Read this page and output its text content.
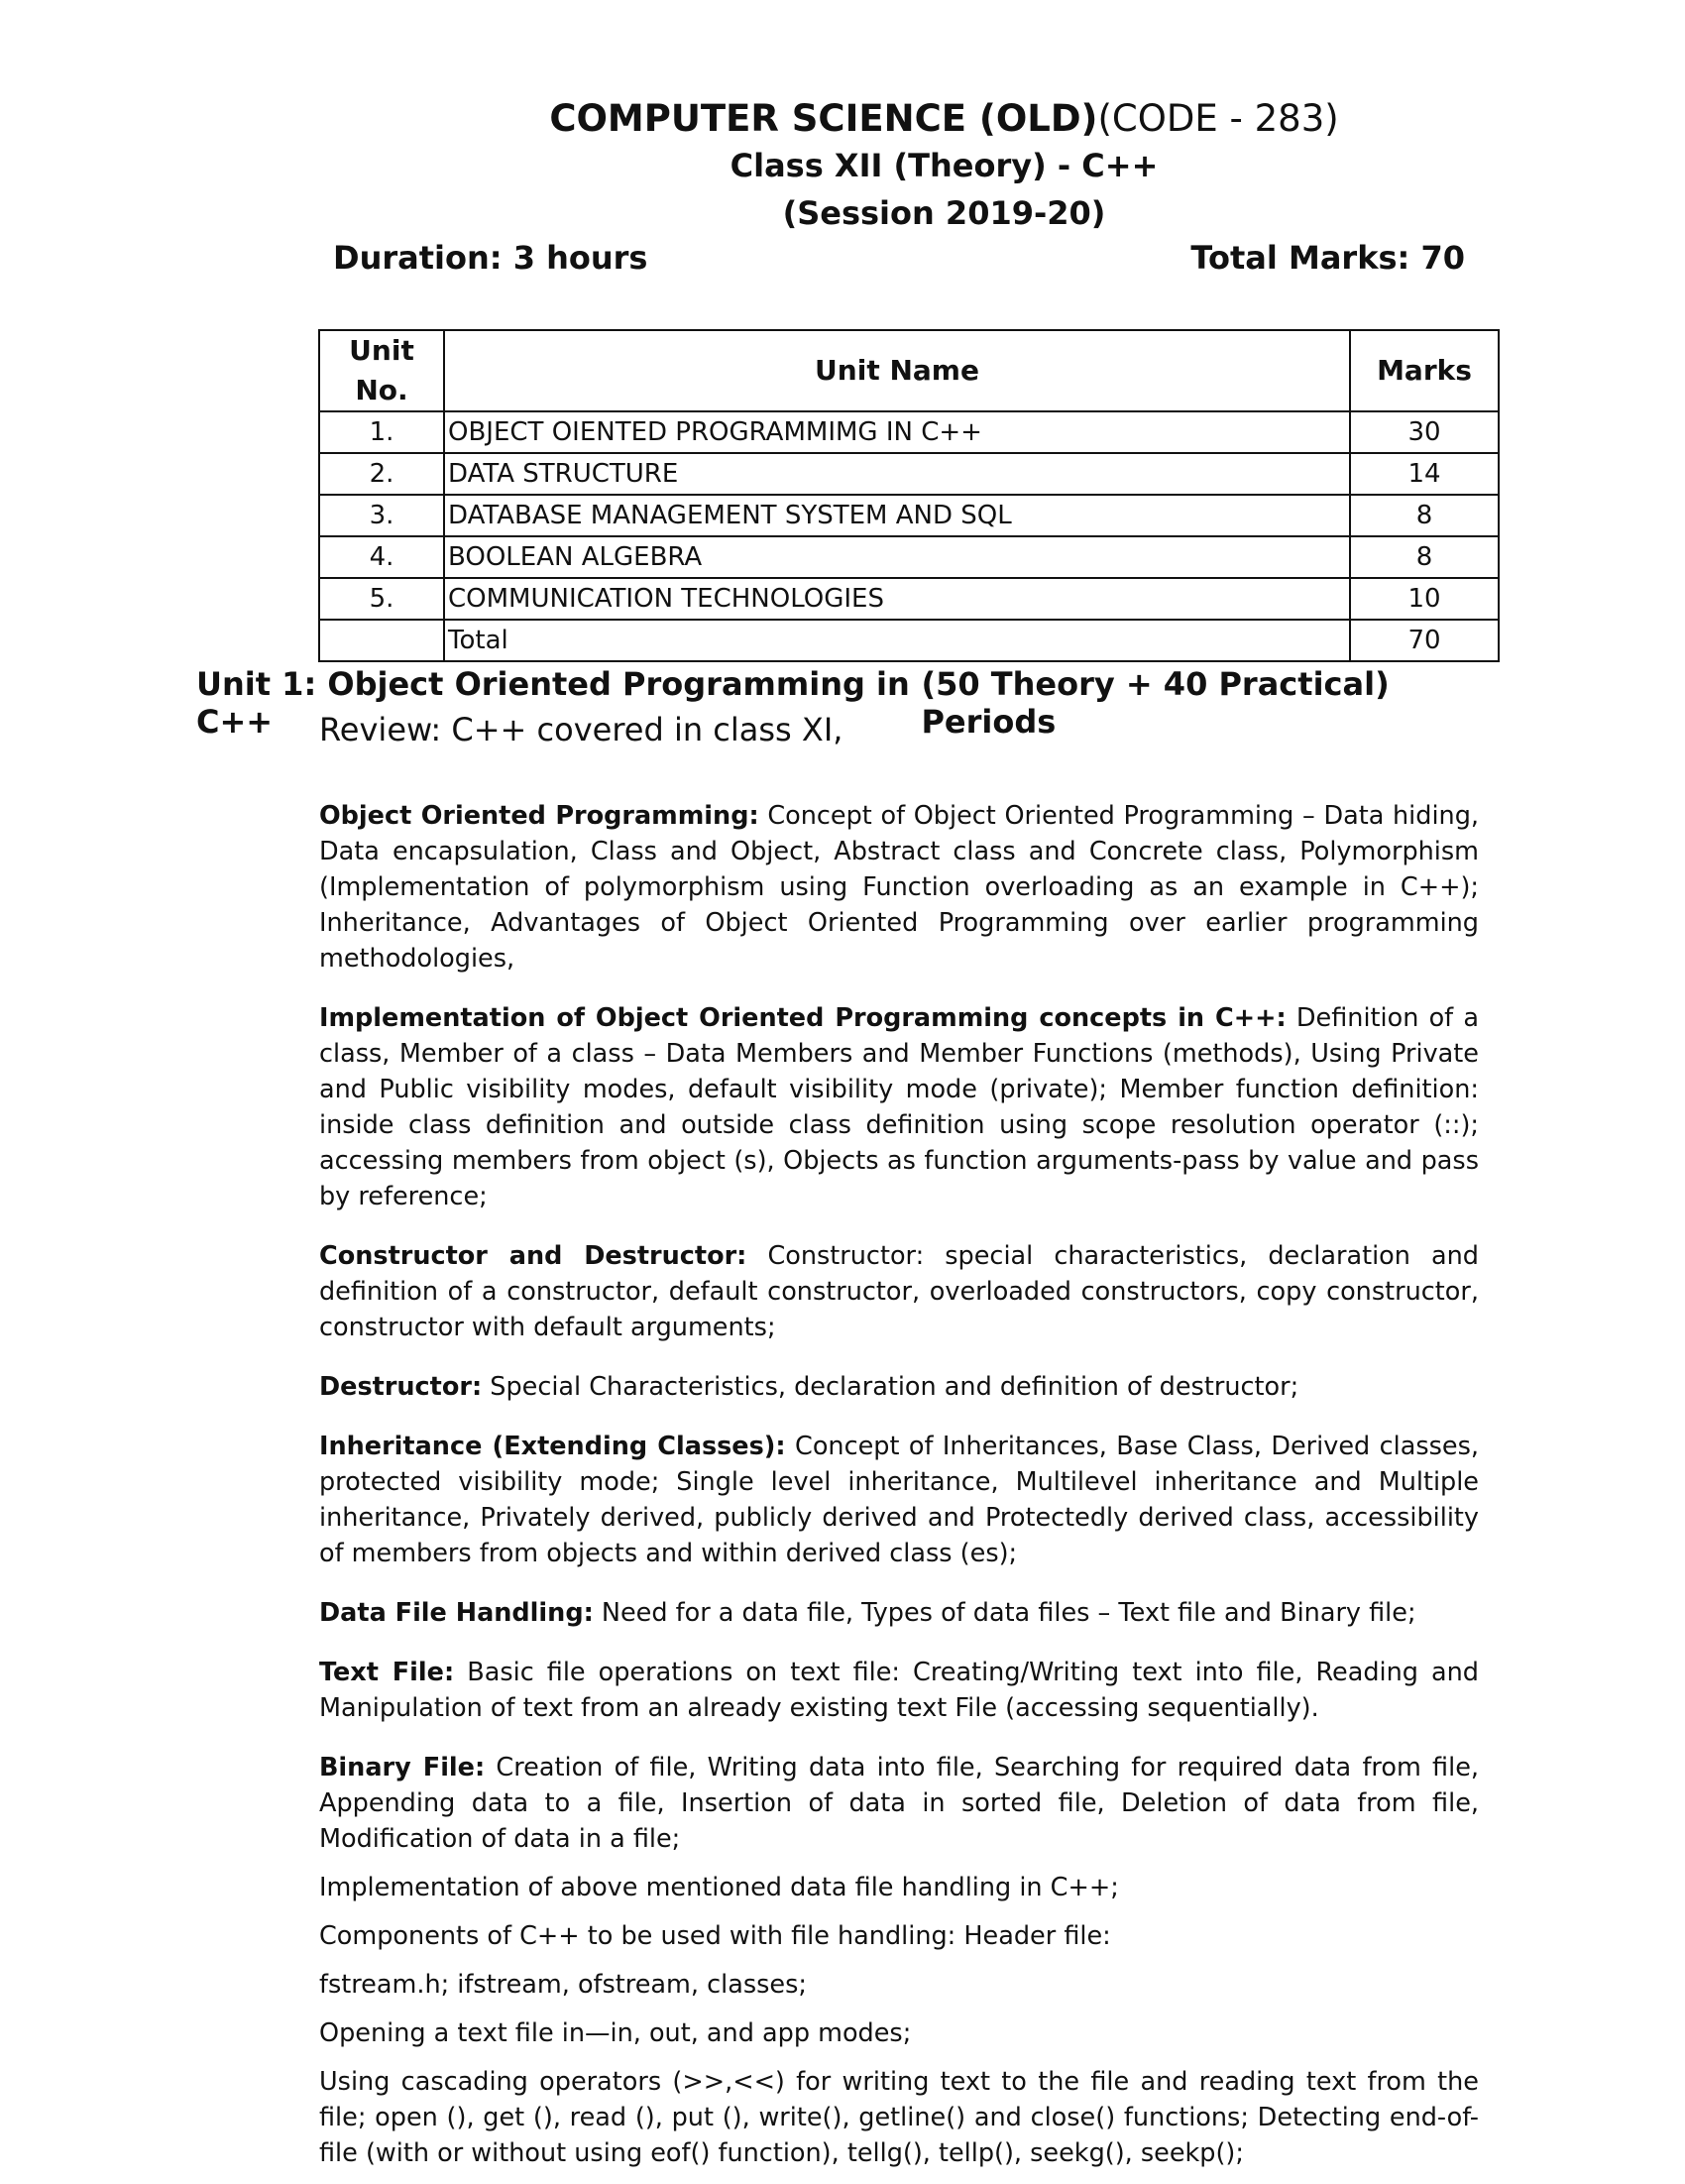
COMPUTER SCIENCE (OLD)(CODE - 283)
Class XII (Theory) - C++
(Session 2019-20)
Duration: 3 hours	Total Marks: 70
Unit No.	Unit Name	Marks
1.	OBJECT OIENTED PROGRAMMIMG IN C++	30
2.	DATA STRUCTURE	14
3.	DATABASE MANAGEMENT SYSTEM AND SQL	8
4.	BOOLEAN ALGEBRA	8
5.	COMMUNICATION TECHNOLOGIES	10
	Total	70
Unit 1: Object Oriented Programming in C++
(50 Theory + 40 Practical) Periods
Review: C++ covered in class XI,

Object Oriented Programming: Concept of Object Oriented Programming – Data hiding, Data encapsulation, Class and Object, Abstract class and Concrete class, Polymorphism (Implementation of polymorphism using Function overloading as an example in C++); Inheritance, Advantages of Object Oriented Programming over earlier programming methodologies,

Implementation of Object Oriented Programming concepts in C++: Definition of a class, Member of a class – Data Members and Member Functions (methods), Using Private and Public visibility modes, default visibility mode (private); Member function definition: inside class definition and outside class definition using scope resolution operator (::); accessing members from object (s), Objects as function arguments-pass by value and pass by reference;

Constructor and Destructor: Constructor: special characteristics, declaration and definition of a constructor, default constructor, overloaded constructors, copy constructor, constructor with default arguments;

Destructor: Special Characteristics, declaration and definition of destructor;

Inheritance (Extending Classes): Concept of Inheritances, Base Class, Derived classes, protected visibility mode; Single level inheritance, Multilevel inheritance and Multiple inheritance, Privately derived, publicly derived and Protectedly derived class, accessibility of members from objects and within derived class (es);

Data File Handling: Need for a data file, Types of data files – Text file and Binary file;

Text File: Basic file operations on text file: Creating/Writing text into file, Reading and Manipulation of text from an already existing text File (accessing sequentially).

Binary File: Creation of file, Writing data into file, Searching for required data from file, Appending data to a file, Insertion of data in sorted file, Deletion of data from file, Modification of data in a file;

Implementation of above mentioned data file handling in C++;

Components of C++ to be used with file handling: Header file:

fstream.h; ifstream, ofstream, classes;

Opening a text file in—in, out, and app modes;

Using cascading operators (>>,<<) for writing text to the file and reading text from the file; open (), get (), read (), put (), write(), getline() and close() functions; Detecting end-of-file (with or without using eof() function), tellg(), tellp(), seekg(), seekp();
